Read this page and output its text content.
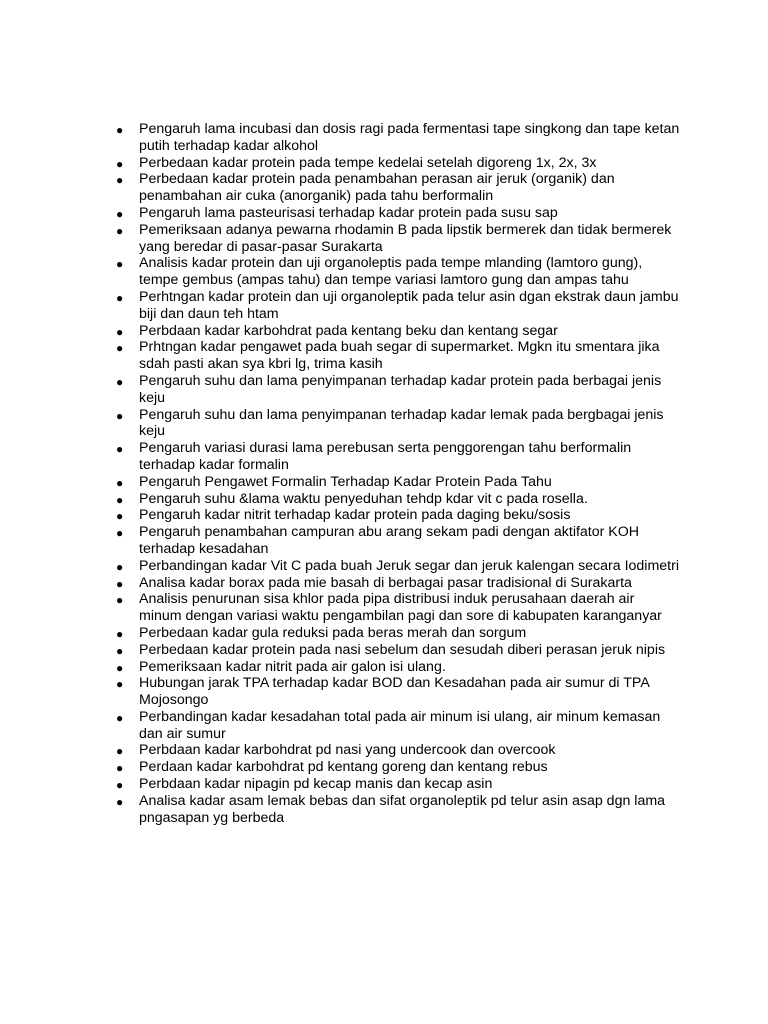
● Pengaruh lama incubasi dan dosis ragi pada fermentasi tape singkong dan tape ketan putih terhadap kadar alkohol
● Perbedaan kadar protein pada tempe kedelai setelah digoreng 1x, 2x, 3x
● Perbedaan kadar protein pada penambahan perasan air jeruk (organik) dan penambahan air cuka (anorganik) pada tahu berformalin
● Pengaruh lama pasteurisasi terhadap kadar protein pada susu sap
● Pemeriksaan adanya pewarna rhodamin B pada lipstik bermerek dan tidak bermerek yang beredar di pasar-pasar Surakarta
● Analisis kadar protein dan uji organoleptis pada tempe mlanding (lamtoro gung), tempe gembus (ampas tahu) dan tempe variasi lamtoro gung dan ampas tahu
● Perhtngan kadar protein dan uji organoleptik pada telur asin dgan ekstrak daun jambu biji dan daun teh htam
● Perbdaan kadar karbohdrat pada kentang beku dan kentang segar
● Prhtngan kadar pengawet pada buah segar di supermarket. Mgkn itu smentara jika sdah pasti akan sya kbri lg, trima kasih
● Pengaruh suhu dan lama penyimpanan terhadap kadar protein pada berbagai jenis keju
● Pengaruh suhu dan lama penyimpanan terhadap kadar lemak pada bergbagai jenis keju
● Pengaruh variasi durasi lama perebusan serta penggorengan tahu berformalin terhadap kadar formalin
● Pengaruh Pengawet Formalin Terhadap Kadar Protein Pada Tahu
● Pengaruh suhu &lama waktu penyeduhan tehdp kdar vit c pada rosella.
● Pengaruh kadar nitrit terhadap kadar protein pada daging beku/sosis
● Pengaruh penambahan campuran abu arang sekam padi dengan aktifator KOH terhadap kesadahan
● Perbandingan kadar Vit C pada buah Jeruk segar dan jeruk kalengan secara Iodimetri
● Analisa kadar borax pada mie basah di berbagai pasar tradisional di Surakarta
● Analisis penurunan sisa khlor pada pipa distribusi induk perusahaan daerah air minum dengan variasi waktu pengambilan pagi dan sore di kabupaten karanganyar
● Perbedaan kadar gula reduksi pada beras merah dan sorgum
● Perbedaan kadar protein pada nasi sebelum dan sesudah diberi perasan jeruk nipis
● Pemeriksaan kadar nitrit pada air galon isi ulang.
● Hubungan jarak TPA terhadap kadar BOD dan Kesadahan pada air sumur di TPA Mojosongo
● Perbandingan kadar kesadahan total pada air minum isi ulang, air minum kemasan dan air sumur
● Perbdaan kadar karbohdrat pd nasi yang undercook dan overcook
● Perdaan kadar karbohdrat pd kentang goreng dan kentang rebus
● Perbdaan kadar nipagin pd kecap manis dan kecap asin
● Analisa kadar asam lemak bebas dan sifat organoleptik pd telur asin asap dgn lama pngasapan yg berbeda
